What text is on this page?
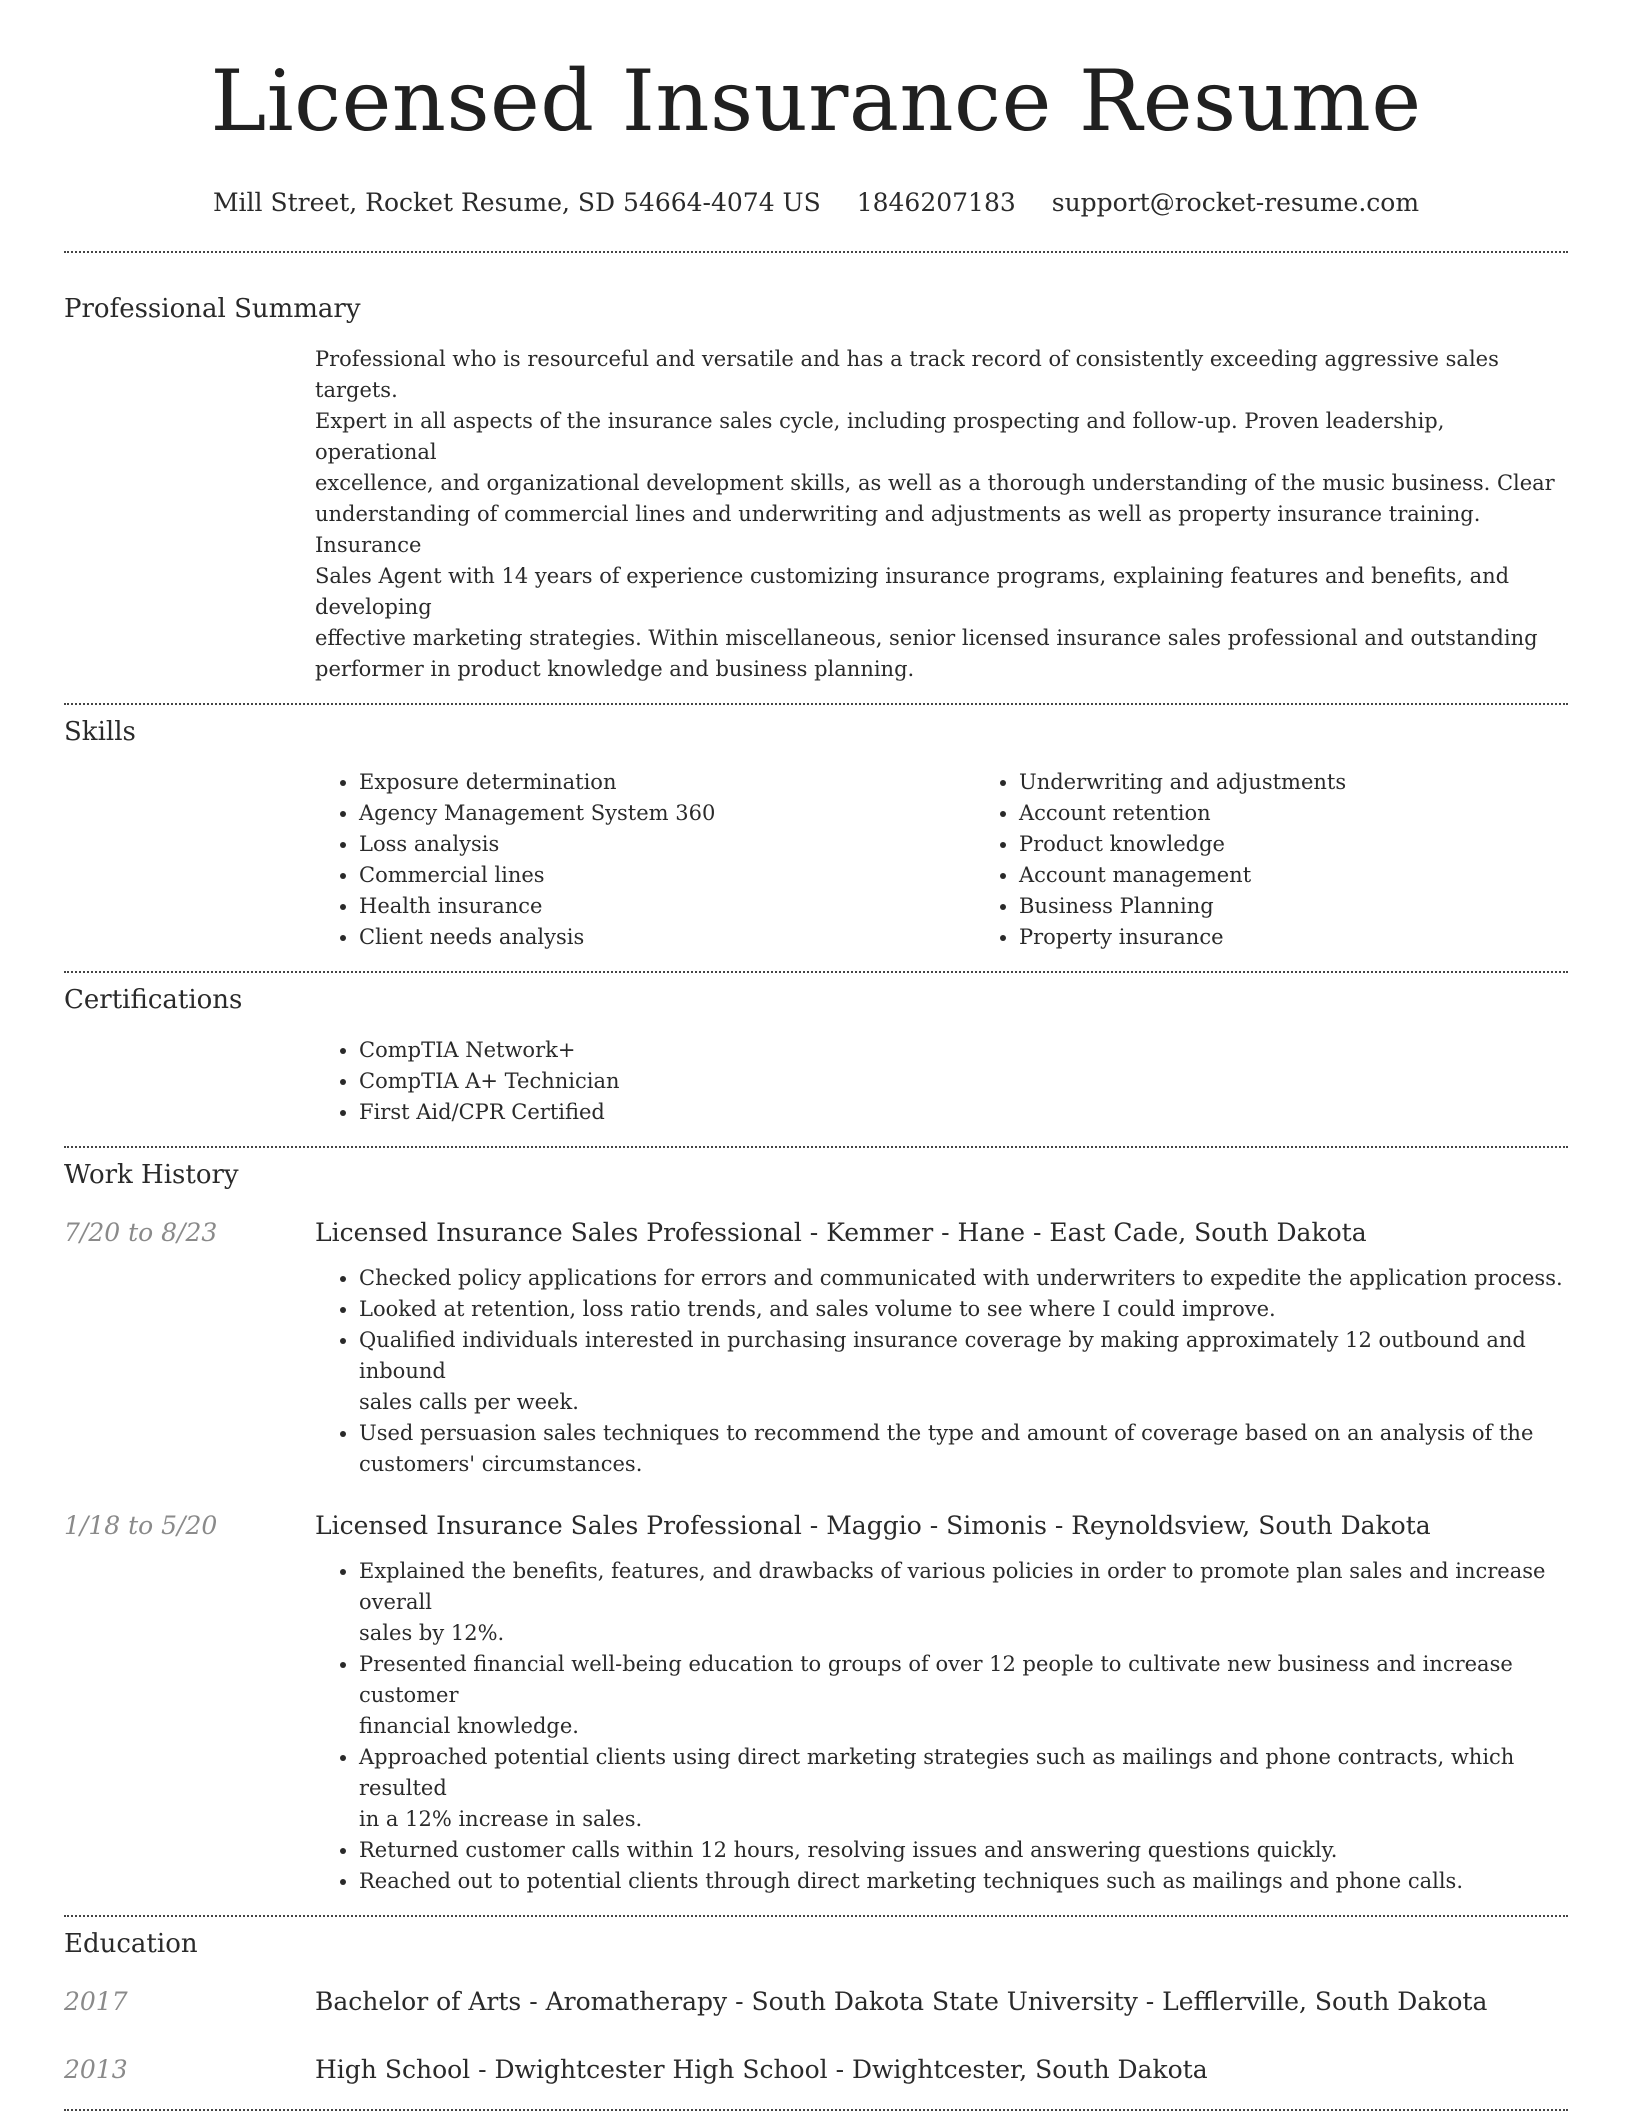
Licensed Insurance Resume
Mill Street, Rocket Resume, SD 54664-4074 US 1846207183 support@rocket-resume.com
Professional Summary
Professional who is resourceful and versatile and has a track record of consistently exceeding aggressive sales targets.
Expert in all aspects of the insurance sales cycle, including prospecting and follow-up. Proven leadership, operational
excellence, and organizational development skills, as well as a thorough understanding of the music business. Clear
understanding of commercial lines and underwriting and adjustments as well as property insurance training. Insurance
Sales Agent with 14 years of experience customizing insurance programs, explaining features and benefits, and developing
effective marketing strategies. Within miscellaneous, senior licensed insurance sales professional and outstanding
performer in product knowledge and business planning.
Skills
• Exposure determination
• Agency Management System 360
• Loss analysis
• Commercial lines
• Health insurance
• Client needs analysis
• Underwriting and adjustments
• Account retention
• Product knowledge
• Account management
• Business Planning
• Property insurance
Certifications
• CompTIA Network+
• CompTIA A+ Technician
• First Aid/CPR Certified
Work History
7/20 to 8/23	Licensed Insurance Sales Professional - Kemmer - Hane - East Cade, South Dakota
• Checked policy applications for errors and communicated with underwriters to expedite the application process.
• Looked at retention, loss ratio trends, and sales volume to see where I could improve.
• Qualified individuals interested in purchasing insurance coverage by making approximately 12 outbound and inbound
sales calls per week.
• Used persuasion sales techniques to recommend the type and amount of coverage based on an analysis of the
customers' circumstances.
1/18 to 5/20	Licensed Insurance Sales Professional - Maggio - Simonis - Reynoldsview, South Dakota
• Explained the benefits, features, and drawbacks of various policies in order to promote plan sales and increase overall
sales by 12%.
• Presented financial well-being education to groups of over 12 people to cultivate new business and increase customer
financial knowledge.
• Approached potential clients using direct marketing strategies such as mailings and phone contracts, which resulted
in a 12% increase in sales.
• Returned customer calls within 12 hours, resolving issues and answering questions quickly.
• Reached out to potential clients through direct marketing techniques such as mailings and phone calls.
Education
2017	Bachelor of Arts - Aromatherapy - South Dakota State University - Lefflerville, South Dakota
2013	High School - Dwightcester High School - Dwightcester, South Dakota
